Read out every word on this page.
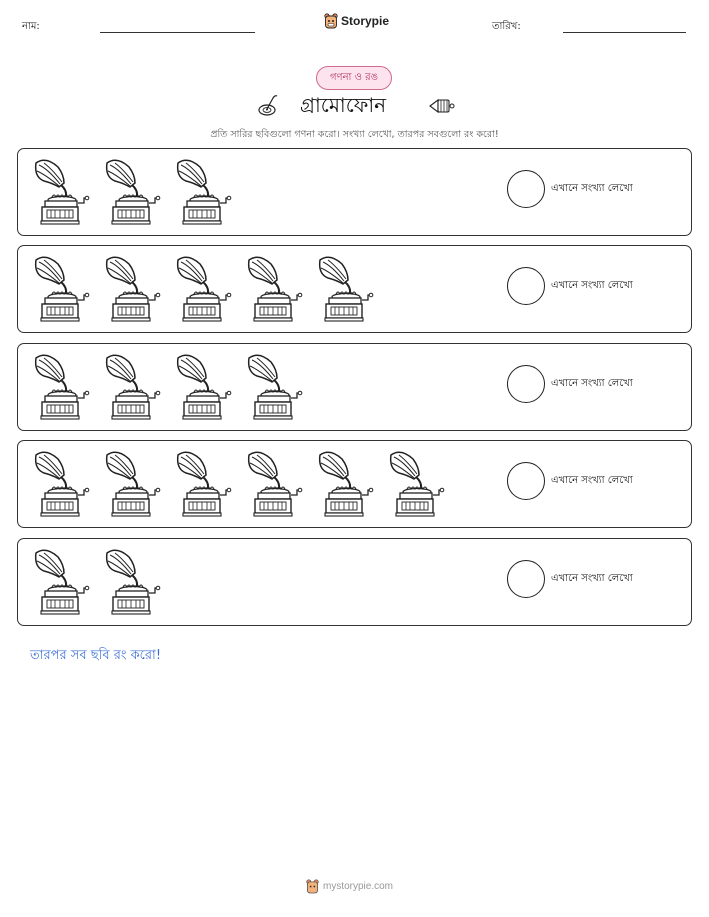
নাম:	Storypie	তারিখ:
গণনা ও রঙ
গ্রামোফোন
প্রতি সারির ছবিগুলো গণনা করো। সংখ্যা লেখো, তারপর সবগুলো রং করো!
এখানে সংখ্যা লেখো
এখানে সংখ্যা লেখো
এখানে সংখ্যা লেখো
এখানে সংখ্যা লেখো
এখানে সংখ্যা লেখো
তারপর সব ছবি রং করো!
mystorypie.com
